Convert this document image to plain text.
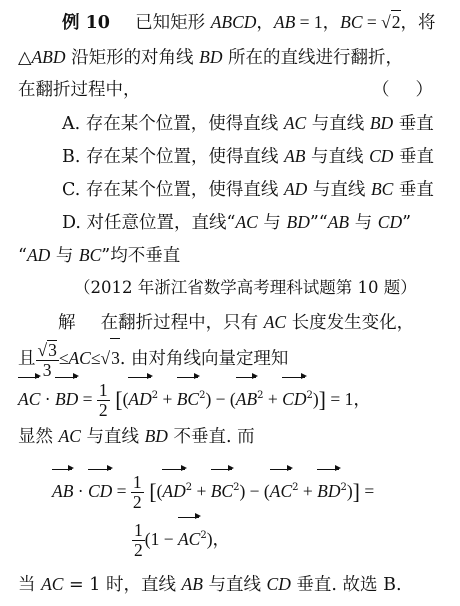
例 10 已知矩形 ABCD，AB = 1，BC = √2，将
△ABD 沿矩形的对角线 BD 所在的直线进行翻折，
在翻折过程中，	（ ）
A. 存在某个位置，使得直线 AC 与直线 BD 垂直
B. 存在某个位置，使得直线 AB 与直线 CD 垂直
C. 存在某个位置，使得直线 AD 与直线 BC 垂直
D. 对任意位置，直线“AC 与 BD”“AB 与 CD”
“AD 与 BC”均不垂直
（2012 年浙江省数学高考理科试题第 10 题）
解 在翻折过程中，只有 AC 长度发生变化，
且 $\frac{√3}{3} \le AC\le√3$. 由对角线向量定理知
AC · BD = $\frac{1}{2} [(AD^2 + BC^2) - (AB^2 + CD^2)] = 1$，
显然 AC 与直线 BD 不垂直. 而
AB · CD = $\frac{1}{2} [(AD^2 + BC^2) - (AC^2 + BD^2)]$ =
$\frac{1}{2} (1 - AC^2)$，
当 AC = 1 时，直线 AB 与直线 CD 垂直. 故选 B.
